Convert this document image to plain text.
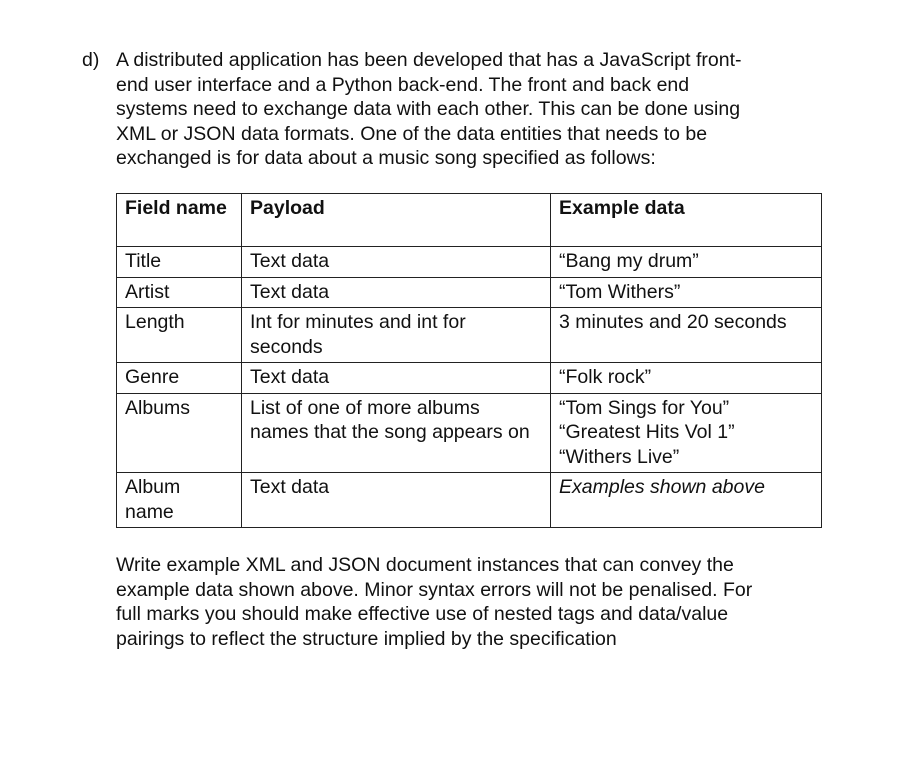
d) A distributed application has been developed that has a JavaScript front-
end user interface and a Python back-end. The front and back end
systems need to exchange data with each other. This can be done using
XML or JSON data formats. One of the data entities that needs to be
exchanged is for data about a music song specified as follows:
Field name	Payload	Example data
Title	Text data	“Bang my drum”

Artist	Text data	“Tom Withers”

Length	Int for minutes and int for seconds	3 minutes and 20 seconds

Genre	Text data	“Folk rock”

Albums	List of one of more albums names that the song appears on	“Tom Sings for You”
“Greatest Hits Vol 1”
“Withers Live”

Album name	Text data	Examples shown above
Write example XML and JSON document instances that can convey the
example data shown above. Minor syntax errors will not be penalised. For
full marks you should make effective use of nested tags and data/value
pairings to reflect the structure implied by the specification
